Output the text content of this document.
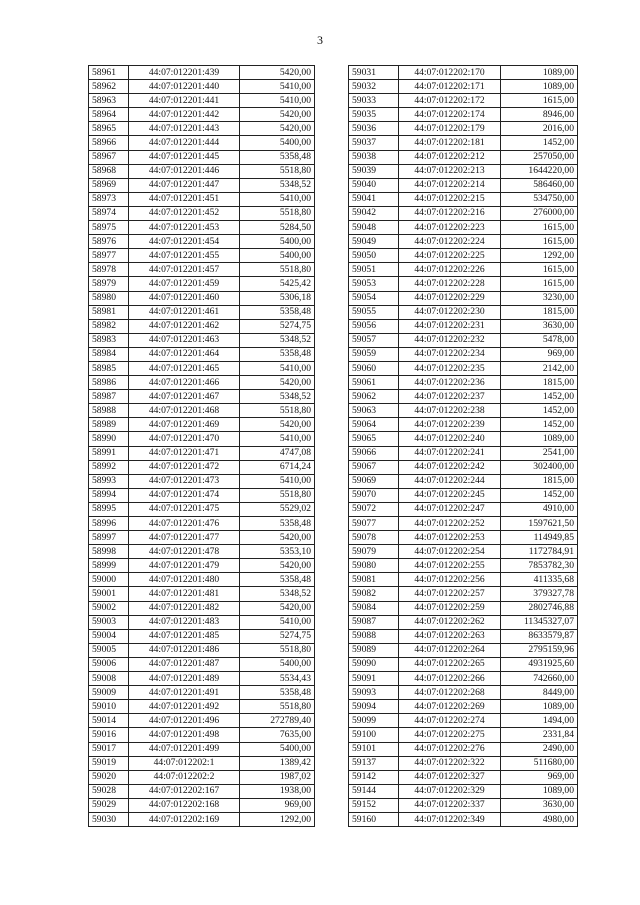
3
58961	44:07:012201:439	5420,00
58962	44:07:012201:440	5410,00
58963	44:07:012201:441	5410,00
58964	44:07:012201:442	5420,00
58965	44:07:012201:443	5420,00
58966	44:07:012201:444	5400,00
58967	44:07:012201:445	5358,48
58968	44:07:012201:446	5518,80
58969	44:07:012201:447	5348,52
58973	44:07:012201:451	5410,00
58974	44:07:012201:452	5518,80
58975	44:07:012201:453	5284,50
58976	44:07:012201:454	5400,00
58977	44:07:012201:455	5400,00
58978	44:07:012201:457	5518,80
58979	44:07:012201:459	5425,42
58980	44:07:012201:460	5306,18
58981	44:07:012201:461	5358,48
58982	44:07:012201:462	5274,75
58983	44:07:012201:463	5348,52
58984	44:07:012201:464	5358,48
58985	44:07:012201:465	5410,00
58986	44:07:012201:466	5420,00
58987	44:07:012201:467	5348,52
58988	44:07:012201:468	5518,80
58989	44:07:012201:469	5420,00
58990	44:07:012201:470	5410,00
58991	44:07:012201:471	4747,08
58992	44:07:012201:472	6714,24
58993	44:07:012201:473	5410,00
58994	44:07:012201:474	5518,80
58995	44:07:012201:475	5529,02
58996	44:07:012201:476	5358,48
58997	44:07:012201:477	5420,00
58998	44:07:012201:478	5353,10
58999	44:07:012201:479	5420,00
59000	44:07:012201:480	5358,48
59001	44:07:012201:481	5348,52
59002	44:07:012201:482	5420,00
59003	44:07:012201:483	5410,00
59004	44:07:012201:485	5274,75
59005	44:07:012201:486	5518,80
59006	44:07:012201:487	5400,00
59008	44:07:012201:489	5534,43
59009	44:07:012201:491	5358,48
59010	44:07:012201:492	5518,80
59014	44:07:012201:496	272789,40
59016	44:07:012201:498	7635,00
59017	44:07:012201:499	5400,00
59019	44:07:012202:1	1389,42
59020	44:07:012202:2	1987,02
59028	44:07:012202:167	1938,00
59029	44:07:012202:168	969,00
59030	44:07:012202:169	1292,00
59031	44:07:012202:170	1089,00
59032	44:07:012202:171	1089,00
59033	44:07:012202:172	1615,00
59035	44:07:012202:174	8946,00
59036	44:07:012202:179	2016,00
59037	44:07:012202:181	1452,00
59038	44:07:012202:212	257050,00
59039	44:07:012202:213	1644220,00
59040	44:07:012202:214	586460,00
59041	44:07:012202:215	534750,00
59042	44:07:012202:216	276000,00
59048	44:07:012202:223	1615,00
59049	44:07:012202:224	1615,00
59050	44:07:012202:225	1292,00
59051	44:07:012202:226	1615,00
59053	44:07:012202:228	1615,00
59054	44:07:012202:229	3230,00
59055	44:07:012202:230	1815,00
59056	44:07:012202:231	3630,00
59057	44:07:012202:232	5478,00
59059	44:07:012202:234	969,00
59060	44:07:012202:235	2142,00
59061	44:07:012202:236	1815,00
59062	44:07:012202:237	1452,00
59063	44:07:012202:238	1452,00
59064	44:07:012202:239	1452,00
59065	44:07:012202:240	1089,00
59066	44:07:012202:241	2541,00
59067	44:07:012202:242	302400,00
59069	44:07:012202:244	1815,00
59070	44:07:012202:245	1452,00
59072	44:07:012202:247	4910,00
59077	44:07:012202:252	1597621,50
59078	44:07:012202:253	114949,85
59079	44:07:012202:254	1172784,91
59080	44:07:012202:255	7853782,30
59081	44:07:012202:256	411335,68
59082	44:07:012202:257	379327,78
59084	44:07:012202:259	2802746,88
59087	44:07:012202:262	11345327,07
59088	44:07:012202:263	8633579,87
59089	44:07:012202:264	2795159,96
59090	44:07:012202:265	4931925,60
59091	44:07:012202:266	742660,00
59093	44:07:012202:268	8449,00
59094	44:07:012202:269	1089,00
59099	44:07:012202:274	1494,00
59100	44:07:012202:275	2331,84
59101	44:07:012202:276	2490,00
59137	44:07:012202:322	511680,00
59142	44:07:012202:327	969,00
59144	44:07:012202:329	1089,00
59152	44:07:012202:337	3630,00
59160	44:07:012202:349	4980,00
